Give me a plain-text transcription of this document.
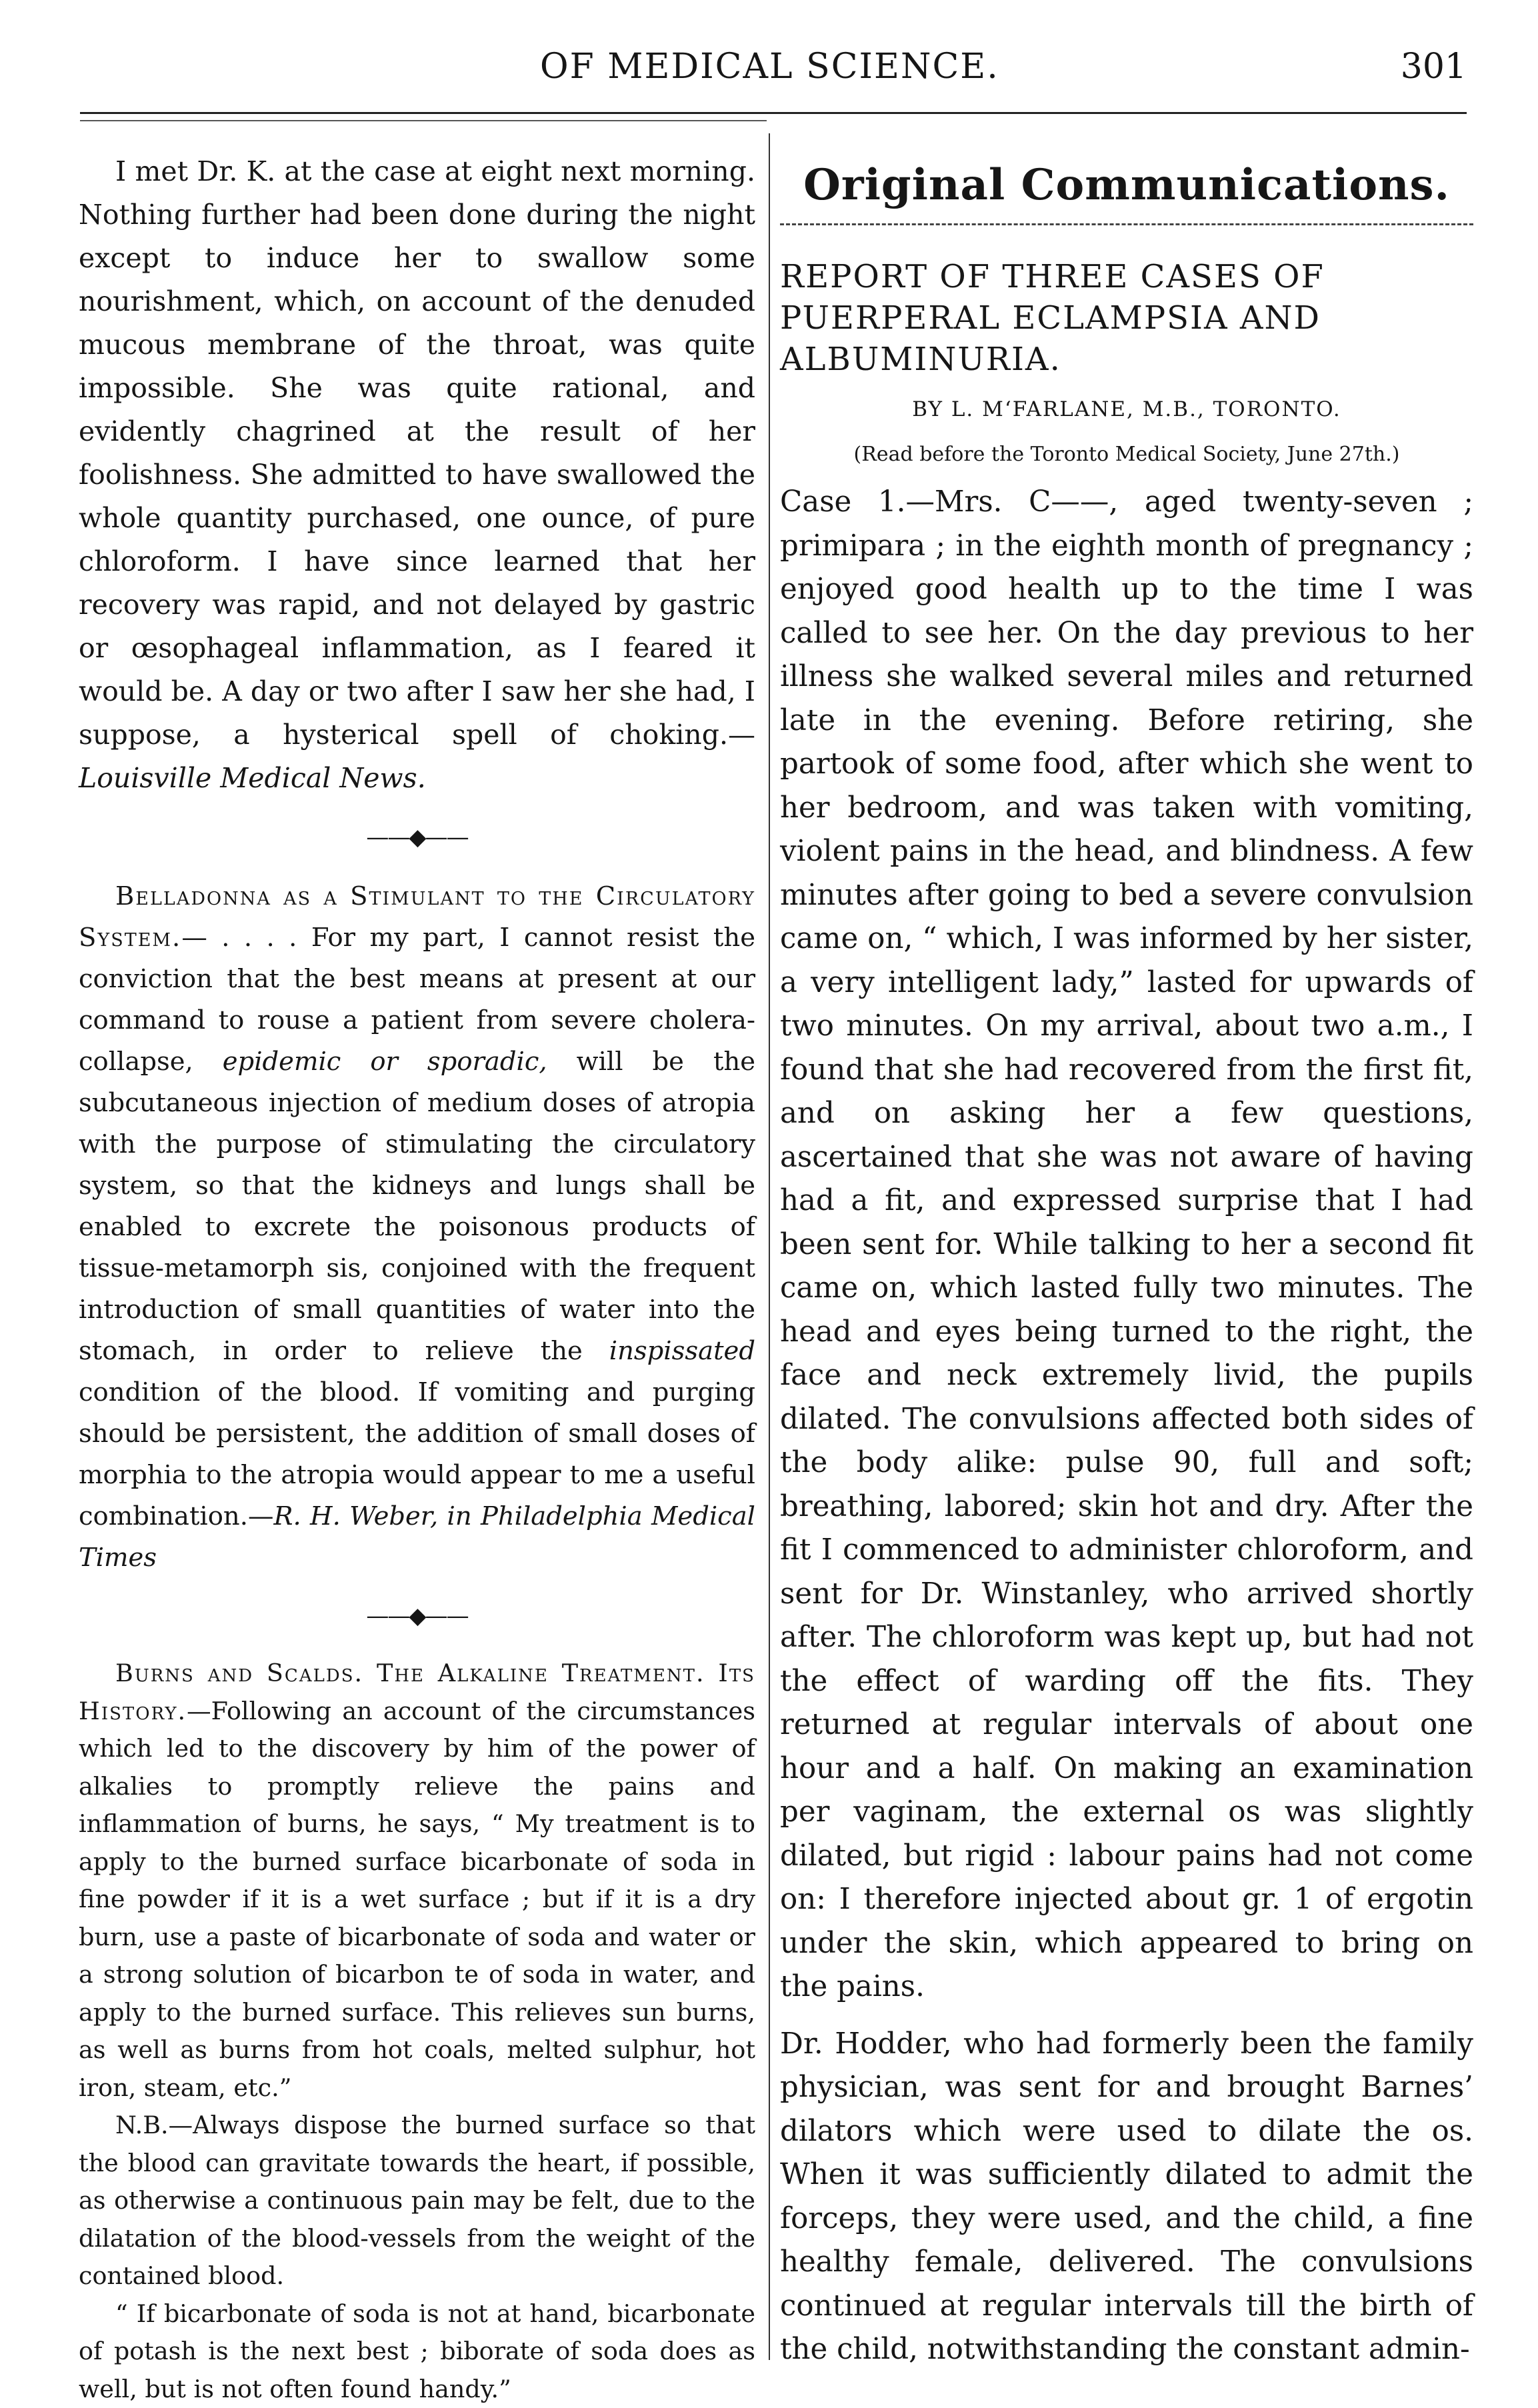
OF MEDICAL SCIENCE.	301

I met Dr. K. at the case at eight next morning. Nothing further had been done during the night except to induce her to swallow some nourishment, which, on account of the denuded mucous membrane of the throat, was quite impossible. She was quite rational, and evidently chagrined at the result of her foolishness. She admitted to have swallowed the whole quantity purchased, one ounce, of pure chloroform. I have since learned that her recovery was rapid, and not delayed by gastric or œsophageal inflammation, as I feared it would be. A day or two after I saw her she had, I suppose, a hysterical spell of choking.—Louisville Medical News.

——◆——

Belladonna as a Stimulant to the Circulatory System.— . . . . For my part, I cannot resist the conviction that the best means at present at our command to rouse a patient from severe cholera-collapse, epidemic or sporadic, will be the subcutaneous injection of medium doses of atropia with the purpose of stimulating the circulatory system, so that the kidneys and lungs shall be enabled to excrete the poisonous products of tissue-metamorph sis, conjoined with the frequent introduction of small quantities of water into the stomach, in order to relieve the inspissated condition of the blood. If vomiting and purging should be persistent, the addition of small doses of morphia to the atropia would appear to me a useful combination.—R. H. Weber, in Philadelphia Medical Times

——◆——

Burns and Scalds. The Alkaline Treatment. Its History.—Following an account of the circumstances which led to the discovery by him of the power of alkalies to promptly relieve the pains and inflammation of burns, he says, “ My treatment is to apply to the burned surface bicarbonate of soda in fine powder if it is a wet surface ; but if it is a dry burn, use a paste of bicarbonate of soda and water or a strong solution of bicarbon te of soda in water, and apply to the burned surface. This relieves sun burns, as well as burns from hot coals, melted sulphur, hot iron, steam, etc.”

N.B.—Always dispose the burned surface so that the blood can gravitate towards the heart, if possible, as otherwise a continuous pain may be felt, due to the dilatation of the blood-vessels from the weight of the contained blood.

“ If bicarbonate of soda is not at hand, bicarbonate of potash is the next best ; biborate of soda does as well, but is not often found handy.”

Original Communications.
REPORT OF THREE CASES OF PUERPERAL ECLAMPSIA AND ALBUMINURIA.
BY L. M‘FARLANE, M.B., TORONTO.
(Read before the Toronto Medical Society, June 27th.)

Case 1.—Mrs. C——, aged twenty-seven ; primipara ; in the eighth month of pregnancy ; enjoyed good health up to the time I was called to see her. On the day previous to her illness she walked several miles and returned late in the evening. Before retiring, she partook of some food, after which she went to her bedroom, and was taken with vomiting, violent pains in the head, and blindness. A few minutes after going to bed a severe convulsion came on, “ which, I was informed by her sister, a very intelligent lady,” lasted for upwards of two minutes. On my arrival, about two a.m., I found that she had recovered from the first fit, and on asking her a few questions, ascertained that she was not aware of having had a fit, and expressed surprise that I had been sent for. While talking to her a second fit came on, which lasted fully two minutes. The head and eyes being turned to the right, the face and neck extremely livid, the pupils dilated. The convulsions affected both sides of the body alike: pulse 90, full and soft; breathing, labored; skin hot and dry. After the fit I commenced to administer chloroform, and sent for Dr. Winstanley, who arrived shortly after. The chloroform was kept up, but had not the effect of warding off the fits. They returned at regular intervals of about one hour and a half. On making an examination per vaginam, the external os was slightly dilated, but rigid : labour pains had not come on: I therefore injected about gr. 1 of ergotin under the skin, which appeared to bring on the pains.

Dr. Hodder, who had formerly been the family physician, was sent for and brought Barnes’ dilators which were used to dilate the os. When it was sufficiently dilated to admit the forceps, they were used, and the child, a fine healthy female, delivered. The convulsions continued at regular intervals till the birth of the child, notwithstanding the constant admin-
